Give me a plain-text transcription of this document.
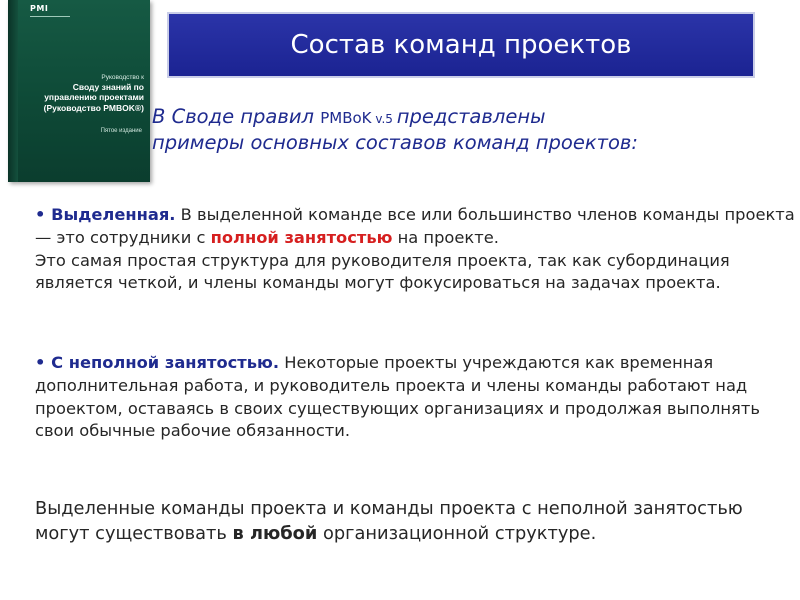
PMI
Руководство к
Своду знаний по
управлению проектами
(Руководство PMBOK®)
Пятое издание
Состав команд проектов
В Своде правил PMBoK v.5 представлены
примеры основных составов команд проектов:
• Выделенная. В выделенной команде все или большинство членов команды проекта — это сотрудники с полной занятостью на проекте.
Это самая простая структура для руководителя проекта, так как субординация является четкой, и члены команды могут фокусироваться на задачах проекта.
• С неполной занятостью. Некоторые проекты учреждаются как временная дополнительная работа, и руководитель проекта и члены команды работают над проектом, оставаясь в своих существующих организациях и продолжая выполнять свои обычные рабочие обязанности.
Выделенные команды проекта и команды проекта с неполной занятостью могут существовать в любой организационной структуре.
